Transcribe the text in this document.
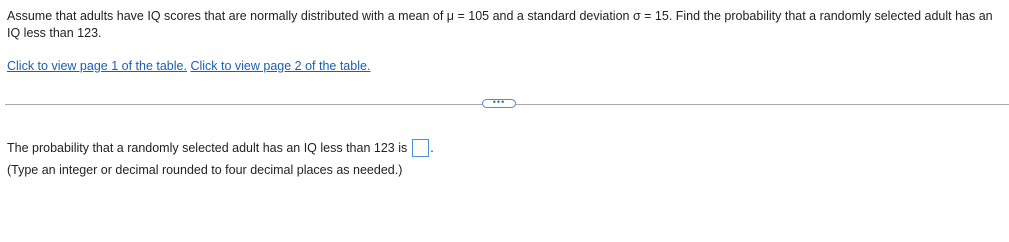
Assume that adults have IQ scores that are normally distributed with a mean of μ = 105 and a standard deviation σ = 15. Find the probability that a randomly selected adult has an IQ less than 123.

Click to view page 1 of the table. Click to view page 2 of the table.
•••
The probability that a randomly selected adult has an IQ less than 123 is .
(Type an integer or decimal rounded to four decimal places as needed.)
